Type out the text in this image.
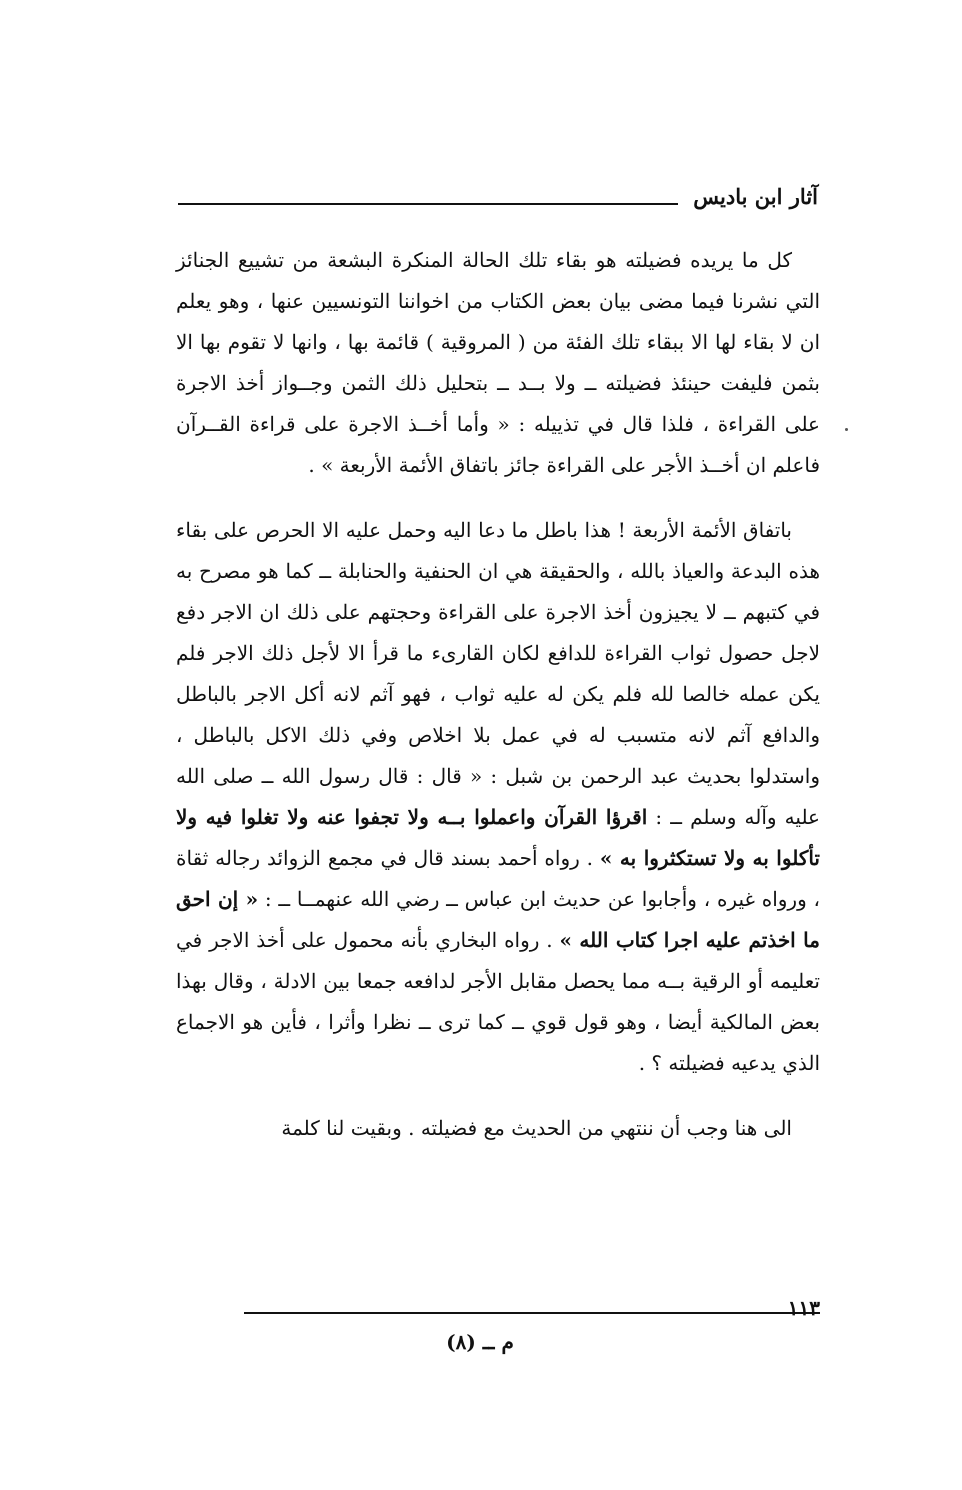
آثار ابن باديس

كل ما يريده فضيلته هو بقاء تلك الحالة المنكرة البشعة من تشييع الجنائز التي نشرنا فيما مضى بيان بعض الكتاب من اخواننا التونسيين عنها ، وهو يعلم ان لا بقاء لها الا ببقاء تلك الفئة من ( المروقية ) قائمة بها ، وانها لا تقوم بها الا بثمن فليفت حينئذ فضيلته ــ ولا بــد ــ بتحليل ذلك الثمن وجــواز أخذ الاجرة على القراءة ، فلذا قال في تذييله : « وأما أخــذ الاجرة على قراءة القــرآن فاعلم ان أخــذ الأجر على القراءة جائز باتفاق الأئمة الأربعة » .

باتفاق الأئمة الأربعة ! هذا باطل ما دعا اليه وحمل عليه الا الحرص على بقاء هذه البدعة والعياذ بالله ، والحقيقة هي ان الحنفية والحنابلة ــ كما هو مصرح به في كتبهم ــ لا يجيزون أخذ الاجرة على القراءة وحجتهم على ذلك ان الاجر دفع لاجل حصول ثواب القراءة للدافع لكان القارىء ما قرأ الا لأجل ذلك الاجر فلم يكن عمله خالصا لله فلم يكن له عليه ثواب ، فهو آثم لانه أكل الاجر بالباطل والدافع آثم لانه متسبب له في عمل بلا اخلاص وفي ذلك الاكل بالباطل ، واستدلوا بحديث عبد الرحمن بن شبل : « قال : قال رسول الله ــ صلى الله عليه وآله وسلم ــ : اقرؤا القرآن واعملوا بــه ولا تجفوا عنه ولا تغلوا فيه ولا تأكلوا به ولا تستكثروا به » . رواه أحمد بسند قال في مجمع الزوائد رجاله ثقاة ، ورواه غيره ، وأجابوا عن حديث ابن عباس ــ رضي الله عنهمــا ــ : « إن احق ما اخذتم عليه اجرا كتاب الله » . رواه البخاري بأنه محمول على أخذ الاجر في تعليمه أو الرقية بــه مما يحصل مقابل الأجر لدافعه جمعا بين الادلة ، وقال بهذا بعض المالكية أيضا ، وهو قول قوي ــ كما ترى ــ نظرا وأثرا ، فأين هو الاجماع الذي يدعيه فضيلته ؟ .

الى هنا وجب أن ننتهي من الحديث مع فضيلته . وبقيت لنا كلمة

١١٣
م ــ (٨)
